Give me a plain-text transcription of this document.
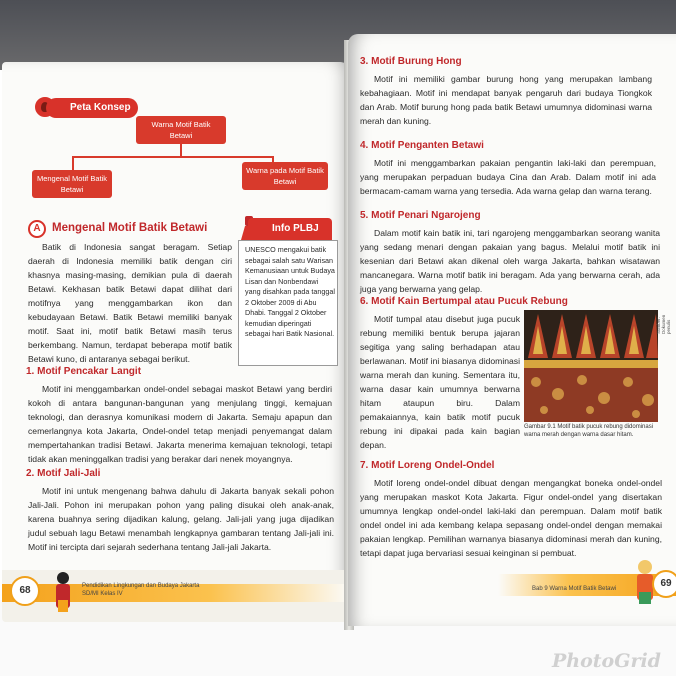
Peta Konsep
Warna Motif Batik Betawi
Mengenal Motif Batik Betawi
Warna pada Motif Batik Betawi
A Mengenal Motif Batik Betawi
Batik di Indonesia sangat beragam. Setiap daerah di Indonesia memiliki batik dengan ciri khasnya masing-masing, demikian pula di daerah Betawi. Kekhasan batik Betawi dapat dilihat dari motifnya yang menggambarkan ikon dan kebudayaan Betawi. Batik Betawi memiliki banyak motif. Saat ini, motif batik Betawi masih terus berkembang. Namun, terdapat beberapa motif batik Betawi kuno, di antaranya sebagai berikut.
Info PLBJ
UNESCO mengakui batik sebagai salah satu Warisan Kemanusiaan untuk Budaya Lisan dan Nonbendawi yang disahkan pada tanggal 2 Oktober 2009 di Abu Dhabi. Tanggal 2 Oktober kemudian diperingati sebagai hari Batik Nasional.
1. Motif Pencakar Langit
Motif ini menggambarkan ondel-ondel sebagai maskot Betawi yang berdiri kokoh di antara bangunan-bangunan yang menjulang tinggi, kemajuan teknologi, dan derasnya komunikasi modern di Jakarta. Semaju apapun dan cemerlangnya kota Jakarta, Ondel-ondel tetap menjadi penyemangat dalam mempertahankan tradisi Betawi. Jakarta menerima kemajuan teknologi, tetapi tidak akan meninggalkan tradisi yang berakar dari nenek moyangnya.
2. Motif Jali-Jali
Motif ini untuk mengenang bahwa dahulu di Jakarta banyak sekali pohon Jali-Jali. Pohon ini merupakan pohon yang paling disukai oleh anak-anak, karena buahnya sering dijadikan kalung, gelang. Jali-jali yang juga dijadikan judul sebuah lagu Betawi menambah lengkapnya gambaran tentang Jali-jali ini. Motif ini tercipta dari sejarah sederhana tentang Jali-jali Jakarta.
68	Pendidikan Lingkungan dan Budaya Jakarta
SD/MI Kelas IV
3. Motif Burung Hong
Motif ini memiliki gambar burung hong yang merupakan lambang kebahagiaan. Motif ini mendapat banyak pengaruh dari budaya Tiongkok dan Arab. Motif burung hong pada batik Betawi umumnya didominasi warna merah dan kuning.
4. Motif Penganten Betawi
Motif ini menggambarkan pakaian pengantin laki-laki dan perempuan, yang merupakan perpaduan budaya Cina dan Arab. Dalam motif ini ada bermacam-camam warna yang tersedia. Ada warna gelap dan warna terang.
5. Motif Penari Ngarojeng
Dalam motif kain batik ini, tari ngarojeng menggambarkan seorang wanita yang sedang menari dengan pakaian yang bagus. Melalui motif batik ini kesenian dari Betawi akan dikenal oleh warga Jakarta, bahkan wisatawan mancanegara. Warna motif batik ini beragam. Ada yang berwarna cerah, ada juga yang berwarna yang gelap.
6. Motif Kain Bertumpal atau Pucuk Rebung
Motif tumpal atau disebut juga pucuk rebung memiliki bentuk berupa jajaran segitiga yang saling berhadapan atau berlawanan. Motif ini biasanya didominasi warna merah dan kuning. Sementara itu, warna dasar kain umumnya berwarna hitam ataupun biru. Dalam pemakaiannya, kain batik motif pucuk rebung ini dipakai pada kain bagian depan.
Sumber: Dokumen penulis
Gambar 9.1 Motif batik pucuk rebung didominasi warna merah dengan warna dasar hitam.
7. Motif Loreng Ondel-Ondel
Motif loreng ondel-ondel dibuat dengan mengangkat boneka ondel-ondel yang merupakan maskot Kota Jakarta. Figur ondel-ondel yang disertakan umumnya lengkap ondel-ondel laki-laki dan perempuan. Dalam motif batik ondel ondel ini ada kembang kelapa sepasang ondel-ondel dengan memakai pakaian lengkap. Pemilihan warnanya biasanya didominasi merah dan kuning, tetapi dapat juga bervariasi sesuai keinginan si pembuat.
Bab 9 Warna Motif Batik Betawi	69
PhotoGrid
